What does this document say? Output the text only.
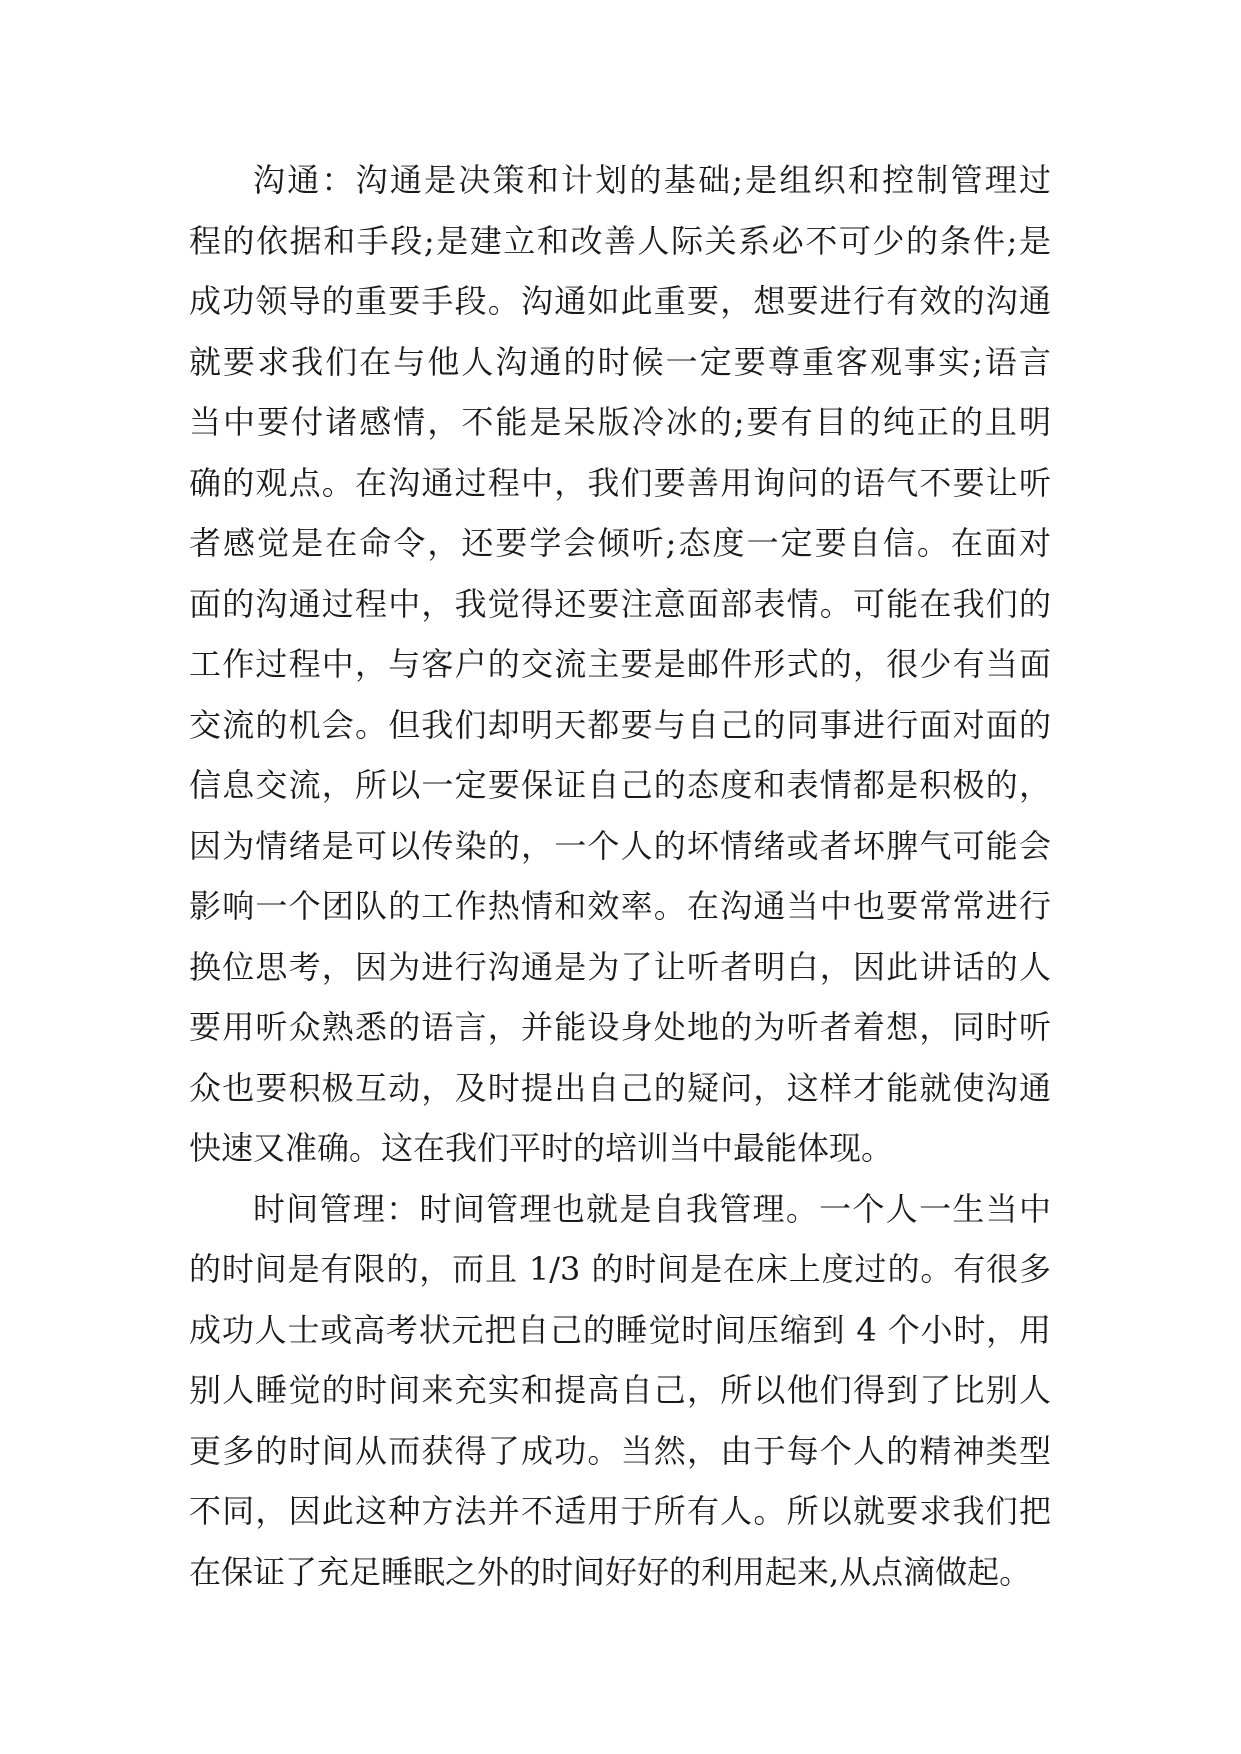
沟通：沟通是决策和计划的基础;是组织和控制管理过
程的依据和手段;是建立和改善人际关系必不可少的条件;是
成功领导的重要手段。沟通如此重要，想要进行有效的沟通
就要求我们在与他人沟通的时候一定要尊重客观事实;语言
当中要付诸感情，不能是呆版冷冰的;要有目的纯正的且明
确的观点。在沟通过程中，我们要善用询问的语气不要让听
者感觉是在命令，还要学会倾听;态度一定要自信。在面对
面的沟通过程中，我觉得还要注意面部表情。可能在我们的
工作过程中，与客户的交流主要是邮件形式的，很少有当面
交流的机会。但我们却明天都要与自己的同事进行面对面的
信息交流，所以一定要保证自己的态度和表情都是积极的，
因为情绪是可以传染的，一个人的坏情绪或者坏脾气可能会
影响一个团队的工作热情和效率。在沟通当中也要常常进行
换位思考，因为进行沟通是为了让听者明白，因此讲话的人
要用听众熟悉的语言，并能设身处地的为听者着想，同时听
众也要积极互动，及时提出自己的疑问，这样才能就使沟通
快速又准确。这在我们平时的培训当中最能体现。
时间管理：时间管理也就是自我管理。一个人一生当中
的时间是有限的，而且 1/3 的时间是在床上度过的。有很多
成功人士或高考状元把自己的睡觉时间压缩到 4 个小时，用
别人睡觉的时间来充实和提高自己，所以他们得到了比别人
更多的时间从而获得了成功。当然，由于每个人的精神类型
不同，因此这种方法并不适用于所有人。所以就要求我们把
在保证了充足睡眠之外的时间好好的利用起来,从点滴做起。
